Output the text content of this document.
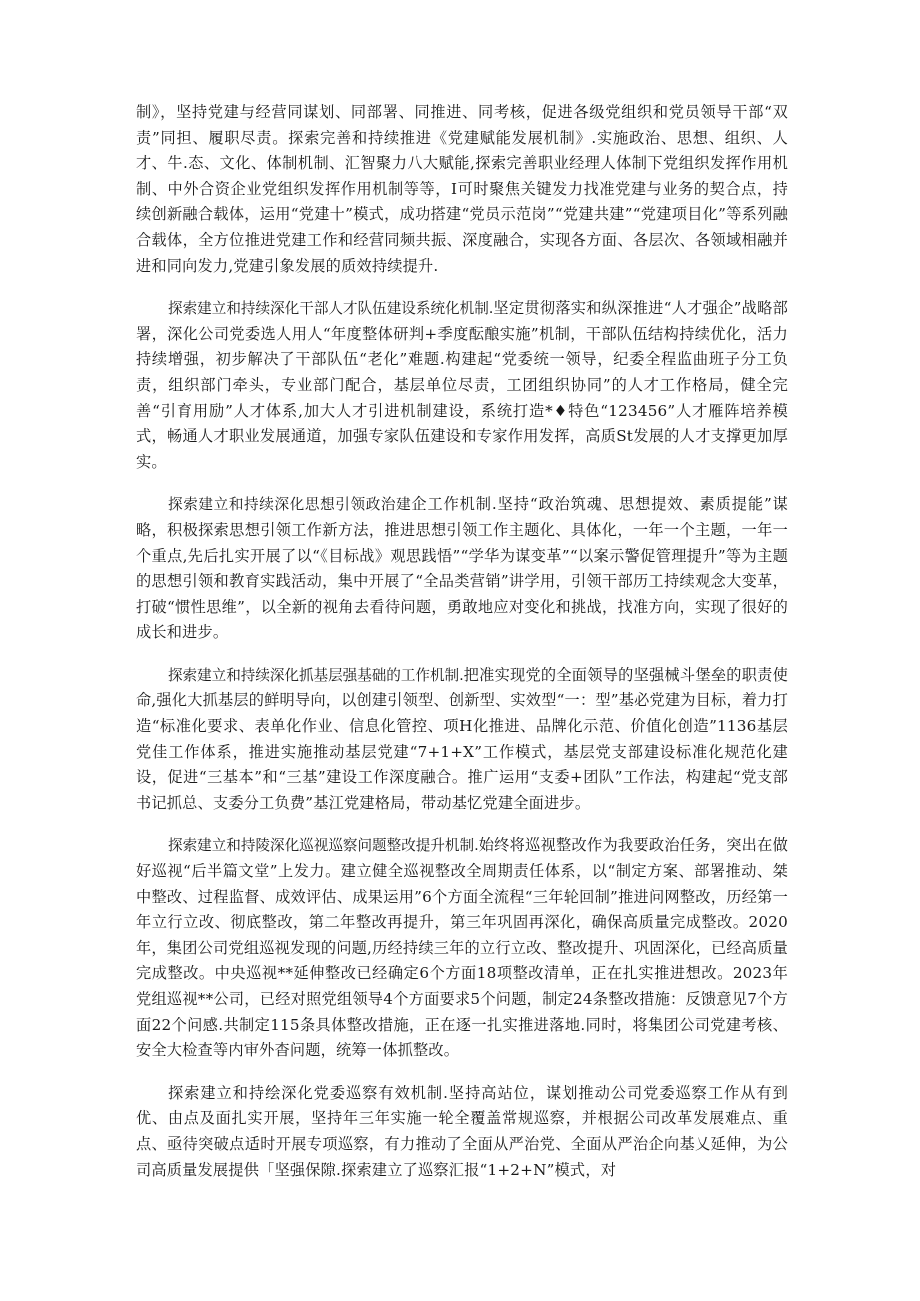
制》，坚持党建与经营同谋划、同部署、同推进、同考核，促进各级党组织和党员领导干部“双责”同担、履职尽责。探索完善和持续推进《党建赋能发展机制》.实施政治、思想、组织、人才、牛.态、文化、体制机制、汇智聚力八大赋能,探索完善职业经理人体制下党组织发挥作用机制、中外合资企业党组织发挥作用机制等等，I可时聚焦关键发力找准党建与业务的契合点，持续创新融合载体，运用“党建十”模式，成功搭建“党员示范岗”“党建共建”“党建项目化”等系列融合载体，全方位推进党建工作和经营同频共振、深度融合，实现各方面、各层次、各领域相融并进和同向发力,党建引象发展的质效持续提升.

探索建立和持续深化干部人才队伍建设系统化机制.坚定贯彻落实和纵深推进“人才强企”战略部署，深化公司党委选人用人“年度整体研判+季度酝酿实施”机制，干部队伍结构持续优化，活力持续增强，初步解决了干部队伍“老化”难题.构建起“党委统一领导，纪委全程监曲班子分工负责，组织部门牵头，专业部门配合，基层单位尽责，工团组织协同”的人才工作格局，健全完善“引育用励”人才体系,加大人才引进机制建设，系统打造*♦特色“123456”人才雁阵培养模式，畅通人才职业发展通道，加强专家队伍建设和专家作用发挥，高质St发展的人才支撑更加厚实。

探索建立和持续深化思想引领政治建企工作机制.坚持“政治筑魂、思想提效、素质提能”谋略，积极探索思想引领工作新方法，推进思想引领工作主题化、具体化，一年一个主题，一年一个重点,先后扎实开展了以“《目标战》观思践悟”“学华为谋变革”“以案示警促管理提升”等为主题的思想引领和教育实践活动，集中开展了“全品类营销”讲学用，引领干部历工持续观念大变革，打破“惯性思维”，以全新的视角去看待问题，勇敢地应对变化和挑战，找准方向，实现了很好的成长和进步。

探索建立和持续深化抓基层强基础的工作机制.把准实现党的全面领导的坚强械斗堡垒的职责使命,强化大抓基层的鲜明导向，以创建引领型、创新型、实效型“一：型”基必党建为目标，着力打造“标准化要求、表单化作业、信息化管控、项H化推进、品牌化示范、价值化创造”1136基层党佳工作体系，推进实施推动基层党建“7+1+X”工作模式，基层党支部建设标准化规范化建设，促进“三基本”和“三基”建设工作深度融合。推广运用“支委+团队”工作法，构建起“党支部书记抓总、支委分工负费”基江党建格局，带动基忆党建全面进步。

探索建立和持陵深化巡视巡察问题整改提升机制.始终将巡视整改作为我要政治任务，突出在做好巡视“后半篇文堂”上发力。建立健全巡视整改全周期责任体系，以“制定方案、部署推动、桀中整改、过程监督、成效评估、成果运用”6个方面全流程“三年轮回制”推进问网整改，历经第一年立行立改、彻底整改，第二年整改再提升，第三年巩固再深化，确保高质量完成整改。2020年，集团公司党组巡视发现的问题,历经持续三年的立行立改、整改提升、巩固深化，已经高质量完成整改。中央巡视**延伸整改已经确定6个方面18项整改清单，正在扎实推进想改。2023年党组巡视**公司，已经对照党组领导4个方面要求5个问题，制定24条整改措施：反馈意见7个方面22个问感.共制定115条具体整改措施，正在逐一扎实推进落地.同时，将集团公司党建考核、安全大检查等内审外杳问题，统筹一体抓整改。

探索建立和持绘深化党委巡察有效机制.坚持高站位，谋划推动公司党委巡察工作从有到优、由点及面扎实开展，坚持年三年实施一轮全覆盖常规巡察，并根据公司改革发展难点、重点、亟待突破点适时开展专项巡察，有力推动了全面从严治党、全面从严治企向基乂延伸，为公司高质量发展提供「坚强保隙.探索建立了巡察汇报“1+2+N”模式，对
